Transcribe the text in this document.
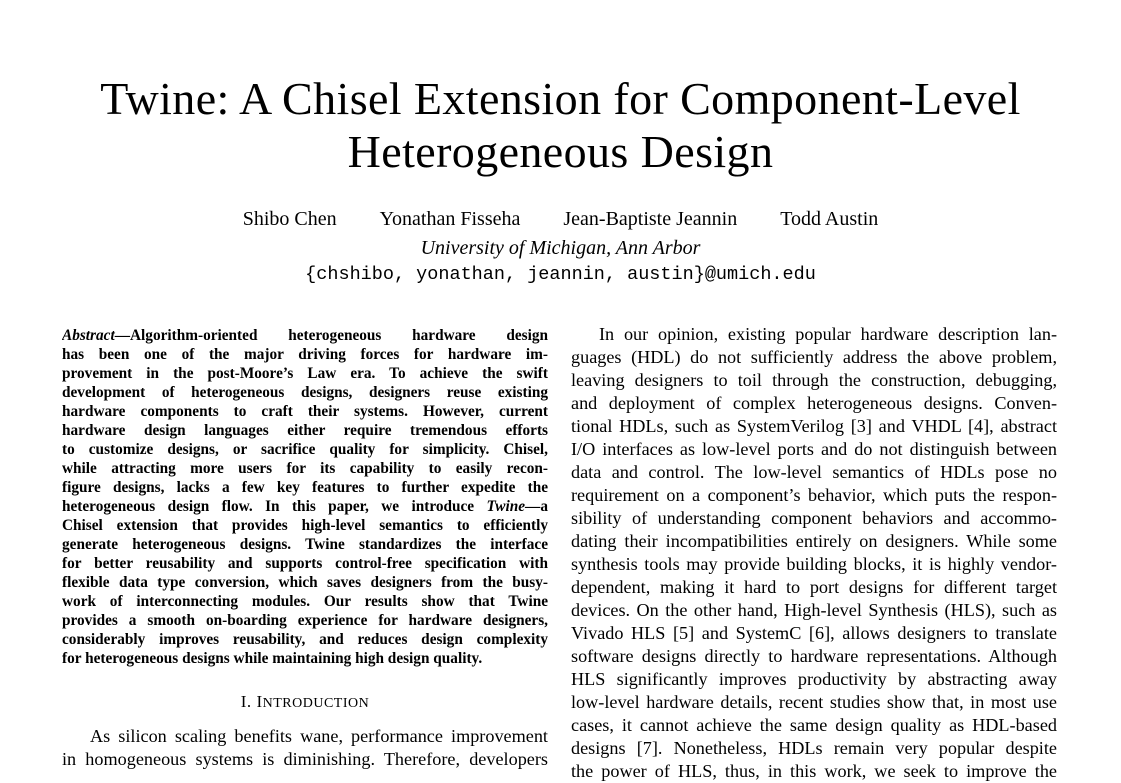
Twine: A Chisel Extension for Component-Level
Heterogeneous Design
Shibo Chen Yonathan Fisseha Jean-Baptiste Jeannin Todd Austin
University of Michigan, Ann Arbor
{chshibo, yonathan, jeannin, austin}@umich.edu
Abstract—Algorithm-oriented heterogeneous hardware design
has been one of the major driving forces for hardware im-
provement in the post-Moore’s Law era. To achieve the swift
development of heterogeneous designs, designers reuse existing
hardware components to craft their systems. However, current
hardware design languages either require tremendous efforts
to customize designs, or sacrifice quality for simplicity. Chisel,
while attracting more users for its capability to easily recon-
figure designs, lacks a few key features to further expedite the
heterogeneous design flow. In this paper, we introduce Twine—a
Chisel extension that provides high-level semantics to efficiently
generate heterogeneous designs. Twine standardizes the interface
for better reusability and supports control-free specification with
flexible data type conversion, which saves designers from the busy-
work of interconnecting modules. Our results show that Twine
provides a smooth on-boarding experience for hardware designers,
considerably improves reusability, and reduces design complexity
for heterogeneous designs while maintaining high design quality.
I. INTRODUCTION
As silicon scaling benefits wane, performance improvement
in homogeneous systems is diminishing. Therefore, developers
In our opinion, existing popular hardware description lan-
guages (HDL) do not sufficiently address the above problem,
leaving designers to toil through the construction, debugging,
and deployment of complex heterogeneous designs. Conven-
tional HDLs, such as SystemVerilog [3] and VHDL [4], abstract
I/O interfaces as low-level ports and do not distinguish between
data and control. The low-level semantics of HDLs pose no
requirement on a component’s behavior, which puts the respon-
sibility of understanding component behaviors and accommo-
dating their incompatibilities entirely on designers. While some
synthesis tools may provide building blocks, it is highly vendor-
dependent, making it hard to port designs for different target
devices. On the other hand, High-level Synthesis (HLS), such as
Vivado HLS [5] and SystemC [6], allows designers to translate
software designs directly to hardware representations. Although
HLS significantly improves productivity by abstracting away
low-level hardware details, recent studies show that, in most use
cases, it cannot achieve the same design quality as HDL-based
designs [7]. Nonetheless, HDLs remain very popular despite
the power of HLS, thus, in this work, we seek to improve the
